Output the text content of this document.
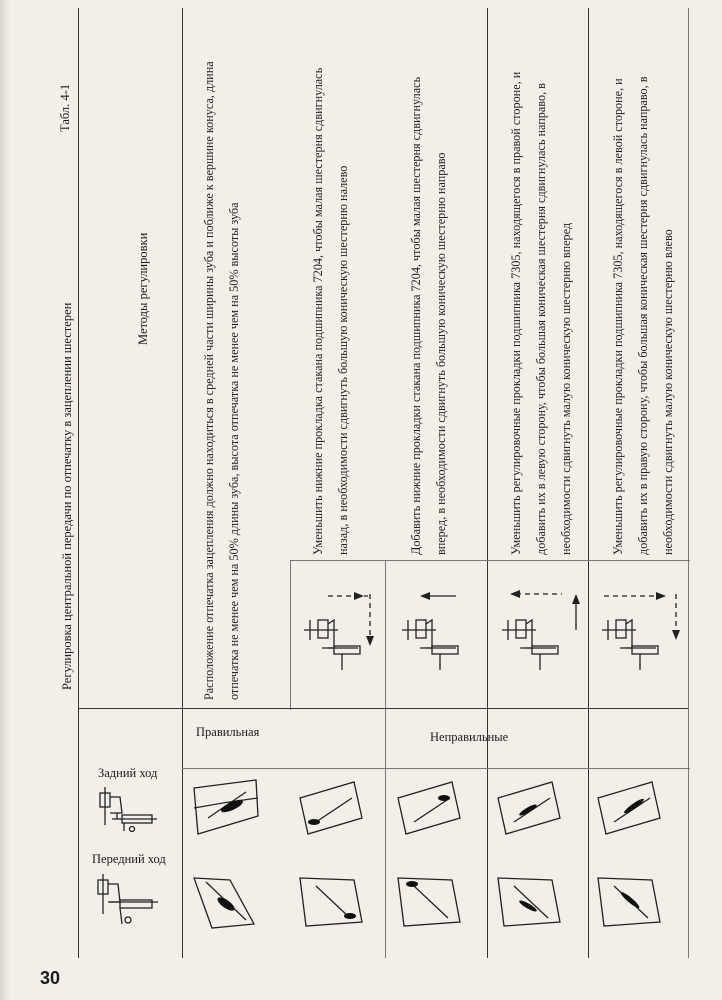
Регулировка центральной передачи по отпечатку в зацеплении шестерен
Табл. 4-1
Методы регулировки
Задний ход
Передний ход
Правильная	Неправильные
Расположение отпечатка зацепления должно находиться в средней части ширины зуба и поближе к вершине конуса, длина отпечатка не менее чем на 50% длины зуба, высота отпечатка не менее чем на 50% высоты зуба	Уменьшить нижние прокладка стакана подшипника 7204, чтобы малая шестерня сдвигнулась назад, в необходимости сдвигнуть большую коническую шестерню налево	Добавить нижние прокладки стакана подшипника 7204, чтобы малая шестерня сдвигнулась вперед, в необходимости сдвигнуть большую коническую шестерню направо	Уменьшить регулировочные прокладки подшипника 7305, находящегося в правой стороне, и добавить их в левую сторону, чтобы большая коническая шестерня сдвигнулась направо, в необходимости сдвигнуть малую коническую шестерню вперед	Уменьшить регулировочные прокладки подшипника 7305, находящегося в левой стороне, и добавить их в правую сторону, чтобы большая коническая шестерня сдвигнулась направо, в необходимости сдвигнуть малую коническую шестерню влево
30
